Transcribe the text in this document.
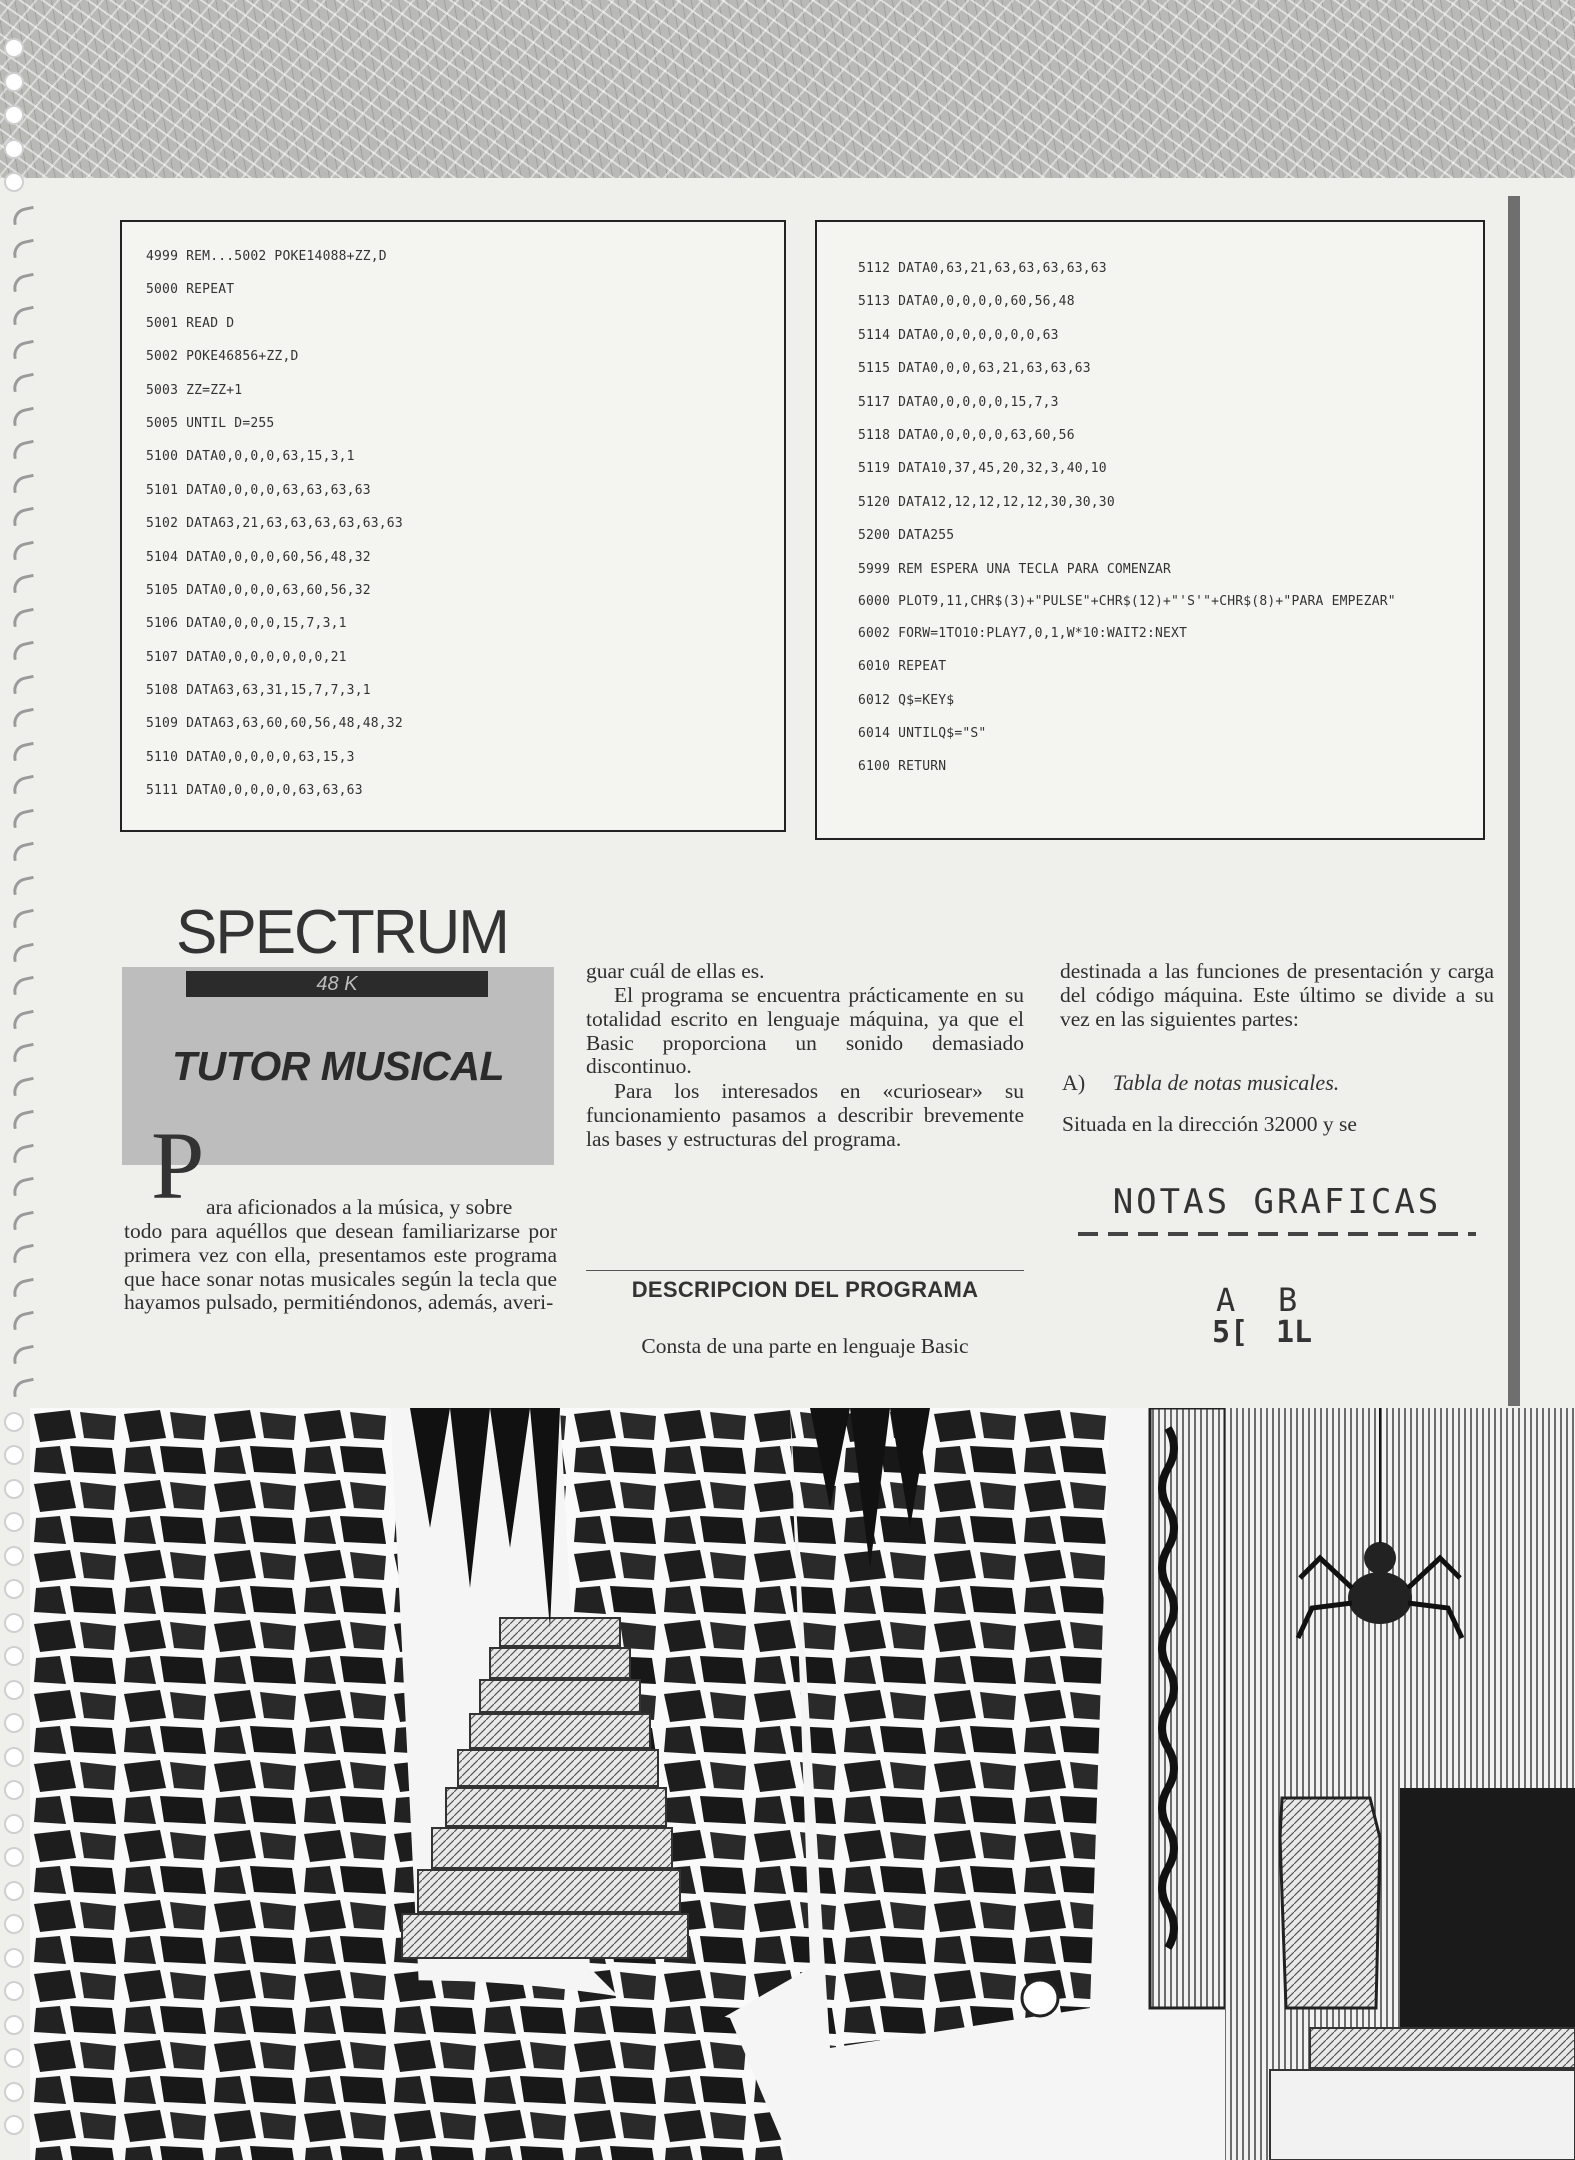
4999 REM...5002 POKE14088+ZZ,D
5000 REPEAT
5001 READ D
5002 POKE46856+ZZ,D
5003 ZZ=ZZ+1
5005 UNTIL D=255
5100 DATA0,0,0,0,63,15,3,1
5101 DATA0,0,0,0,63,63,63,63
5102 DATA63,21,63,63,63,63,63,63
5104 DATA0,0,0,0,60,56,48,32
5105 DATA0,0,0,0,63,60,56,32
5106 DATA0,0,0,0,15,7,3,1
5107 DATA0,0,0,0,0,0,0,21
5108 DATA63,63,31,15,7,7,3,1
5109 DATA63,63,60,60,56,48,48,32
5110 DATA0,0,0,0,0,63,15,3
5111 DATA0,0,0,0,0,63,63,63
5112 DATA0,63,21,63,63,63,63,63
5113 DATA0,0,0,0,0,60,56,48
5114 DATA0,0,0,0,0,0,0,63
5115 DATA0,0,0,63,21,63,63,63
5117 DATA0,0,0,0,0,15,7,3
5118 DATA0,0,0,0,0,63,60,56
5119 DATA10,37,45,20,32,3,40,10
5120 DATA12,12,12,12,12,30,30,30
5200 DATA255
5999 REM ESPERA UNA TECLA PARA COMENZAR
6000 PLOT9,11,CHR$(3)+"PULSE"+CHR$(12)+"'S'"+CHR$(8)+"PARA EMPEZAR"
6002 FORW=1TO10:PLAY7,0,1,W*10:WAIT2:NEXT
6010 REPEAT
6012 Q$=KEY$
6014 UNTILQ$="S"
6100 RETURN
SPECTRUM
48 K
TUTOR MUSICAL
P ara aficionados a la música, y sobre

todo para aquéllos que desean familiarizarse por primera vez con ella, presentamos este programa que hace sonar notas musicales según la tecla que hayamos pulsado, permitiéndonos, además, averi-

guar cuál de ellas es.

El programa se encuentra prácticamente en su totalidad escrito en lenguaje máquina, ya que el Basic proporciona un sonido demasiado discontinuo.

Para los interesados en «curiosear» su funcionamiento pasamos a describir brevemente las bases y estructuras del programa.

DESCRIPCION DEL PROGRAMA

Consta de una parte en lenguaje Basic

destinada a las funciones de presentación y carga del código máquina. Este último se divide a su vez en las siguientes partes:

A) Tabla de notas musicales.

Situada en la dirección 32000 y se

NOTAS GRAFICAS
A B
5[ 1L
